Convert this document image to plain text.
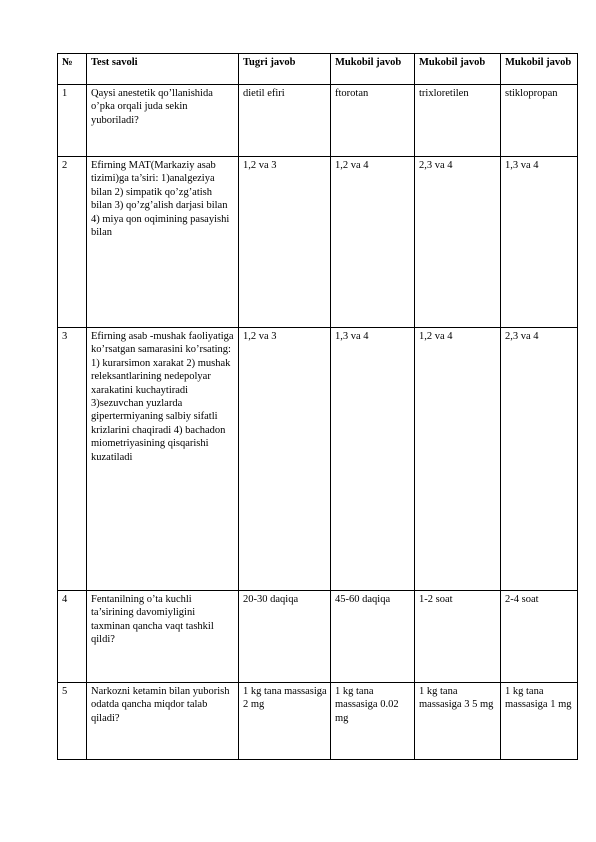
№	Test savoli	Tugri javob	Mukobil javob	Mukobil javob	Mukobil javob
1	Qaysi anestetik qo’llanishida o’pka orqali juda sekin yuboriladi?	dietil efiri	ftorotan	trixloretilen	stiklopropan
2	Efirning MAT(Markaziy asab tizimi)ga ta’siri: 1)analgeziya bilan 2) simpatik qo’zg’atish bilan 3) qo’zg’alish darjasi bilan 4) miya qon oqimining pasayishi bilan	1,2 va 3	1,2 va 4	2,3 va 4	1,3 va 4
3	Efirning asab -mushak faoliyatiga ko’rsatgan samarasini ko’rsating: 1) kurarsimon xarakat 2) mushak releksantlarining nedepolyar xarakatini kuchaytiradi 3)sezuvchan yuzlarda gipertermiyaning salbiy sifatli krizlarini chaqiradi 4) bachadon miometriyasining qisqarishi kuzatiladi	1,2 va 3	1,3 va 4	1,2 va 4	2,3 va 4
4	Fentanilning o’ta kuchli ta’sirining davomiyligini taxminan qancha vaqt tashkil qildi?	20-30 daqiqa	45-60 daqiqa	1-2 soat	2-4 soat
5	Narkozni ketamin bilan yuborish odatda qancha miqdor talab qiladi?	1 kg tana massasiga 2 mg	1 kg tana massasiga 0.02 mg	1 kg tana massasiga 3 5 mg	1 kg tana massasiga 1 mg
